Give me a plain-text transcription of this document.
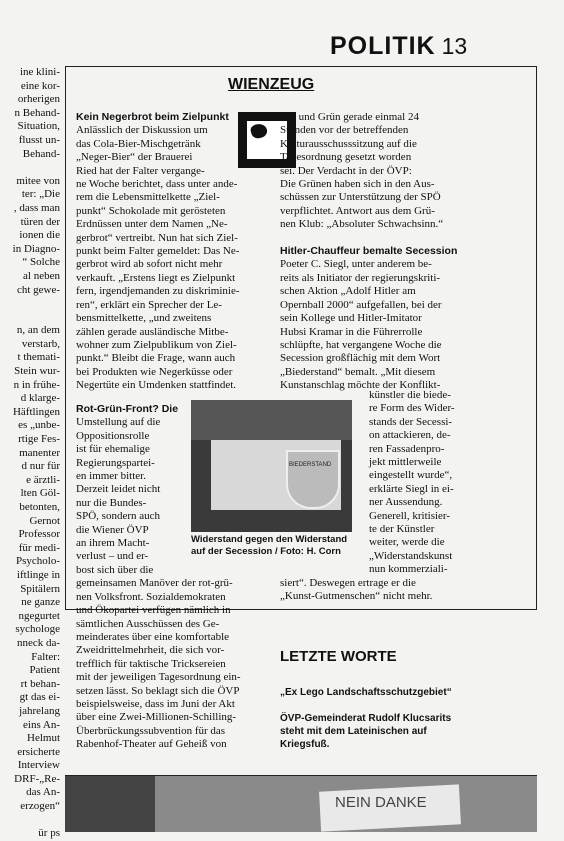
POLITIK 13
ine klini-
eine kor-
orherigen
n Behand-
Situation,
flusst un-
Behand-

mitee von
ter: „Die
, dass man
türen der
ionen die
in Diagno-
“ Solche
al neben
cht gewe-

n, an dem
verstarb,
t themati-
Stein wur-
n in frühe-
d klarge-
Häftlingen
es „unbe-
rtige Fes-
manenter
d nur für
e ärztli-
lten Göl-
betonten,
Gernot
Professor
für medi-
Psycholo-
iftlinge in
Spitälern
ne ganze
ngegurtet
sychologe
nneck da-
Falter:
Patient
rt behan-
gt das ei-
jahrelang
eins An-
Helmut
ersicherte
Interview
DRF-„Re-
das An-
erzogen“

ür ps
WIENZEUG
Kein Negerbrot beim Zielpunkt
Anlässlich der Diskussion um
das Cola-Bier-Mischgetränk
„Neger-Bier“ der Brauerei
Ried hat der Falter vergange-
ne Woche berichtet, dass unter ande-
rem die Lebensmittelkette „Ziel-
punkt“ Schokolade mit gerösteten
Erdnüssen unter dem Namen „Ne-
gerbrot“ vertreibt. Nun hat sich Ziel-
punkt beim Falter gemeldet: Das Ne-
gerbrot wird ab sofort nicht mehr
verkauft. „Erstens liegt es Zielpunkt
fern, irgendjemanden zu diskriminie-
ren“, erklärt ein Sprecher der Le-
bensmittelkette, „und zweitens
zählen gerade ausländische Mitbe-
wohner zum Zielpublikum von Ziel-
punkt.“ Bleibt die Frage, wann auch
bei Produkten wie Negerküsse oder
Negertüte ein Umdenken stattfindet.
Rot-Grün-Front? Die
Umstellung auf die
Oppositionsrolle
ist für ehemalige
Regierungspartei-
en immer bitter.
Derzeit leidet nicht
nur die Bundes-
SPÖ, sondern auch
die Wiener ÖVP
an ihrem Macht-
verlust – und er-
bost sich über die
gemeinsamen Manöver der rot-grü-
nen Volksfront. Sozialdemokraten
und Ökopartei verfügen nämlich in
sämtlichen Ausschüssen des Ge-
meinderates über eine komfortable
Zweidrittelmehrheit, die sich vor-
trefflich für taktische Tricksereien
mit der jeweiligen Tagesordnung ein-
setzen lässt. So beklagt sich die ÖVP
beispielsweise, dass im Juni der Akt
über eine Zwei-Millionen-Schilling-
Überbrückungssubvention für das
Rabenhof-Theater auf Geheiß von
Rot und Grün gerade einmal 24
Stunden vor der betreffenden
Kulturausschusssitzung auf die
Tagesordnung gesetzt worden
sei. Der Verdacht in der ÖVP:
Die Grünen haben sich in den Aus-
schüssen zur Unterstützung der SPÖ
verpflichtet. Antwort aus dem Grü-
nen Klub: „Absoluter Schwachsinn.“

Hitler-Chauffeur bemalte Secession
Poeter C. Siegl, unter anderem be-
reits als Initiator der regierungskriti-
schen Aktion „Adolf Hitler am
Opernball 2000“ aufgefallen, bei der
sein Kollege und Hitler-Imitator
Hubsi Kramar in die Führerrolle
schlüpfte, hat vergangene Woche die
Secession großflächig mit dem Wort
„Biederstand“ bemalt. „Mit diesem
Kunstanschlag möchte der Konflikt-
künstler die biede-
re Form des Wider-
stands der Secessi-
on attackieren, de-
ren Fassadenpro-
jekt mittlerweile
eingestellt wurde“,
erklärte Siegl in ei-
ner Aussendung.
Generell, kritisier-
te der Künstler
weiter, werde die
„Widerstandskunst
nun kommerziali-
siert“. Deswegen ertrage er die
„Kunst-Gutmenschen“ nicht mehr.
BIEDERSTAND
Widerstand gegen den Widerstand
auf der Secession / Foto: H. Corn
LETZTE WORTE
„Ex Lego Landschaftsschutzgebiet“
ÖVP-Gemeinderat Rudolf Klucsarits
steht mit dem Lateinischen auf
Kriegsfuß.
NEIN DANKE
